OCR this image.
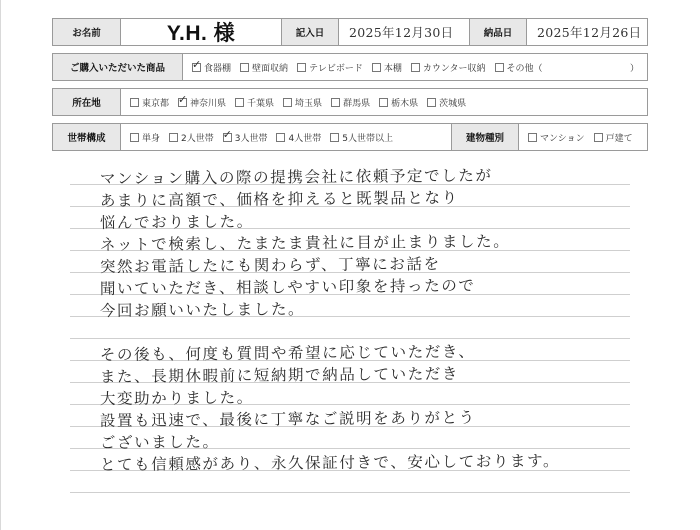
お名前	Y.H. 様	記入日	2025年12月30日	納品日	2025年12月26日
ご購入いただいた商品	✓ 食器棚 壁面収納 テレビボード 本棚 カウンター収納 その他（	）
所在地	東京都 ✓ 神奈川県 千葉県 埼玉県 群馬県 栃木県 茨城県
世帯構成	単身 2人世帯 ✓ 3人世帯 4人世帯 5人世帯以上	建物種別	マンション 戸建て
マンション購入の際の提携会社に依頼予定でしたが
あまりに高額で、価格を抑えると既製品となり
悩んでおりました。
ネットで検索し、たまたま貴社に目が止まりました。
突然お電話したにも関わらず、丁寧にお話を
聞いていただき、相談しやすい印象を持ったので
今回お願いいたしました。
その後も、何度も質問や希望に応じていただき、
また、長期休暇前に短納期で納品していただき
大変助かりました。
設置も迅速で、最後に丁寧なご説明をありがとう
ございました。
とても信頼感があり、永久保証付きで、安心しております。
